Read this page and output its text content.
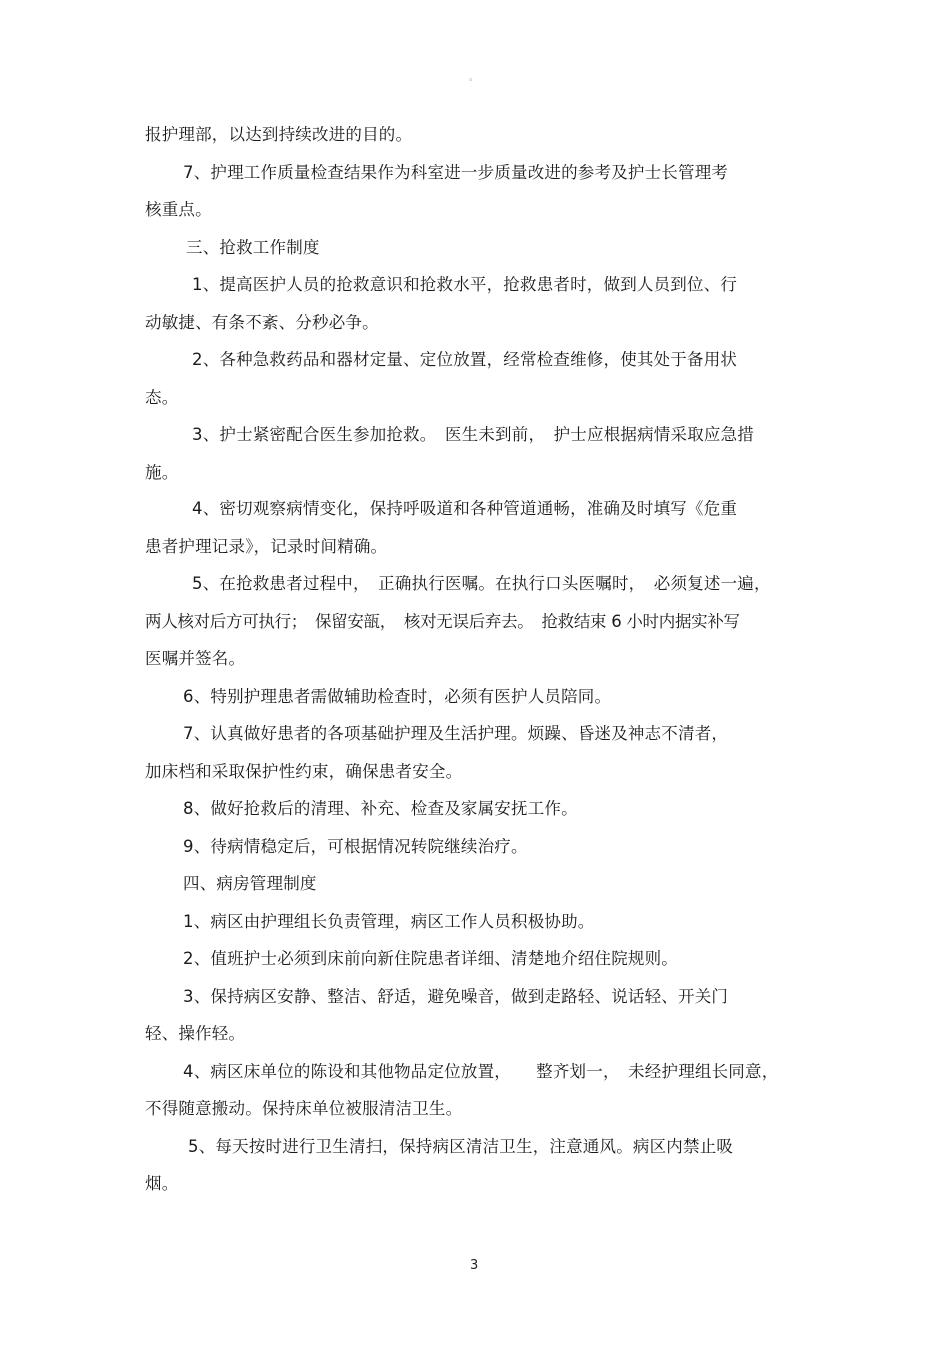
。
报护理部，以达到持续改进的目的。
7、护理工作质量检查结果作为科室进一步质量改进的参考及护士长管理考
核重点。
三、抢救工作制度
1、提高医护人员的抢救意识和抢救水平，抢救患者时，做到人员到位、行
动敏捷、有条不紊、分秒必争。
2、各种急救药品和器材定量、定位放置，经常检查维修，使其处于备用状
态。
3、护士紧密配合医生参加抢救。　医生未到前，　护士应根据病情采取应急措
施。
4、密切观察病情变化，保持呼吸道和各种管道通畅，准确及时填写《危重
患者护理记录》，记录时间精确。
5、在抢救患者过程中，　正确执行医嘱。在执行口头医嘱时，　必须复述一遍，
两人核对后方可执行；　保留安瓿，　核对无误后弃去。　抢救结束 6 小时内据实补写
医嘱并签名。
6、特别护理患者需做辅助检查时，必须有医护人员陪同。
7、认真做好患者的各项基础护理及生活护理。烦躁、昏迷及神志不清者，
加床档和采取保护性约束，确保患者安全。
8、做好抢救后的清理、补充、检查及家属安抚工作。
9、待病情稳定后，可根据情况转院继续治疗。
四、病房管理制度
1、病区由护理组长负责管理，病区工作人员积极协助。
2、值班护士必须到床前向新住院患者详细、清楚地介绍住院规则。
3、保持病区安静、整洁、舒适，避免噪音，做到走路轻、说话轻、开关门
轻、操作轻。
4、病区床单位的陈设和其他物品定位放置，　　整齐划一，　未经护理组长同意，
不得随意搬动。保持床单位被服清洁卫生。
5、每天按时进行卫生清扫，保持病区清洁卫生，注意通风。病区内禁止吸
烟。
3
